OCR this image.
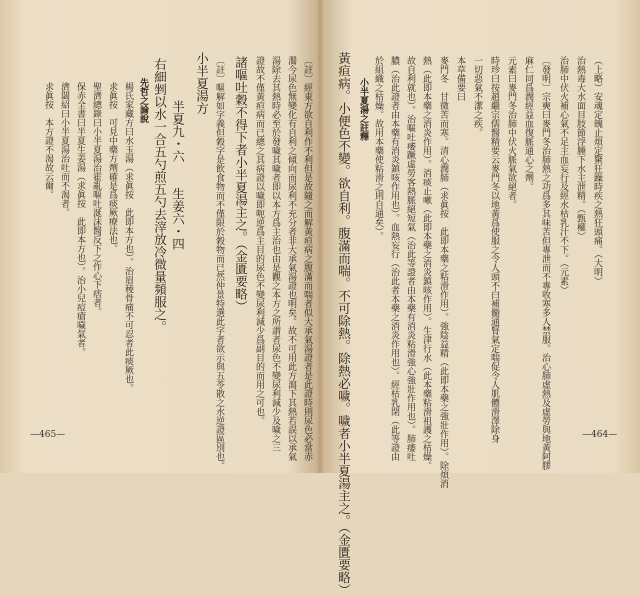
—465—	〔註〕經東方欲自利作不利但是故隨之而解黃疸病之腹滿而喘者似大承氣湯證者是此證時則尿色必當赤
濁今尿色無變化有自利之傾向而尿利不充分者非大承氣湯證也明矣。故不可用此方瀉下其熱若誤以承氣
湯除去其熱時必至於發噦其噦者即以本方爲主治也由是觀之本方之所謂者尿色不變尿利減少及噦之三
證故不僅黃疸病而已總之其病證以噦即呃逆爲主目的尿色不變尿利減少爲副目的而用之可也。
諸嘔吐穀不得下者小半夏湯主之。（金匱要略）
〔註〕嘔解如字義但穀字是飲食物而不僅限於穀物而已然仲景特選此字者欲示與五苓散之水逆證區別也。
小半夏湯方
半夏九・六　　生姜六・四
右細剉以水一合五勺煎五勺去滓放冷微量頻服之。
先哲之論說
楊氏家藏方曰水玉湯（求眞按　此即本方也）。治眉稜骨痛不可忍者此痰厥也。
求眞按　可見中藥方劑確是爲痰厥療法也。
聖濟總錄曰小半夏湯治霍亂嘔吐涎沫醫反下之作心下痞者。
保赤全書曰半夏生姜湯（求眞按　此即本方也）。治小兒痘瘡噦氣者。
濟閟紹曰小半夏湯治吐而不渴者。
求眞按　本方證不渴故云爾。
—464—
（上略）安魂定魄止煩定驚狂躁時疾之熱狂頭痛。（大明）
治熱毒大水面目肢節浮腫下水主泄精。（甄權）
治肺中伏火補心氣不足主血妄行及經水枯乳汁不下。（元素）
〔發明〕宗奭曰麥門冬治肺熱之功爲多其味苦但專泄而不專收寒多人禁服。治心肺虛熱及虛勞與地黃阿膠
麻仁同爲潤經益血復脈通心之劑。
元素曰麥門冬治肺中伏火脈氣欲絕者。
時珍曰按趙繼宗儒醫精要云麥門冬以地黃爲使服之令人頭不白補髓通腎氣定喘促令人肌體滑澤除身
一切惡氣不潔之疾。
本草備要曰
麥門冬　甘微苦而寒。清心潤肺（求眞按　此即本藥之粘滑作用）。強陰益精（此即本藥之強壯作用）。除煩消
熱（此即本藥之消炎作用）。消痰止嗽（此即本藥之消炎鎮咳作用）。生津行水（此本藥粘滑祖護之枯燥。
故自利就也）。治嘔吐痿蹶虛勞客熱脈絕短氣（治此等證者由本藥有消炎粘滑強心強壯作用也）。肺痿吐
膿（治此證者由本藥有消炎鎮咳作用也）。血熱妄行（治此者本藥之消炎作用也）。經枯乳閉（此等證由
於組織之枯燥。故用本藥使粘滑之則自通矣）。
小半夏湯之註釋
黃疸病。小便色不變。欲自利。腹滿而喘。不可除熱。除熱必噦。噦者小半夏湯主之。（金匱要略）
